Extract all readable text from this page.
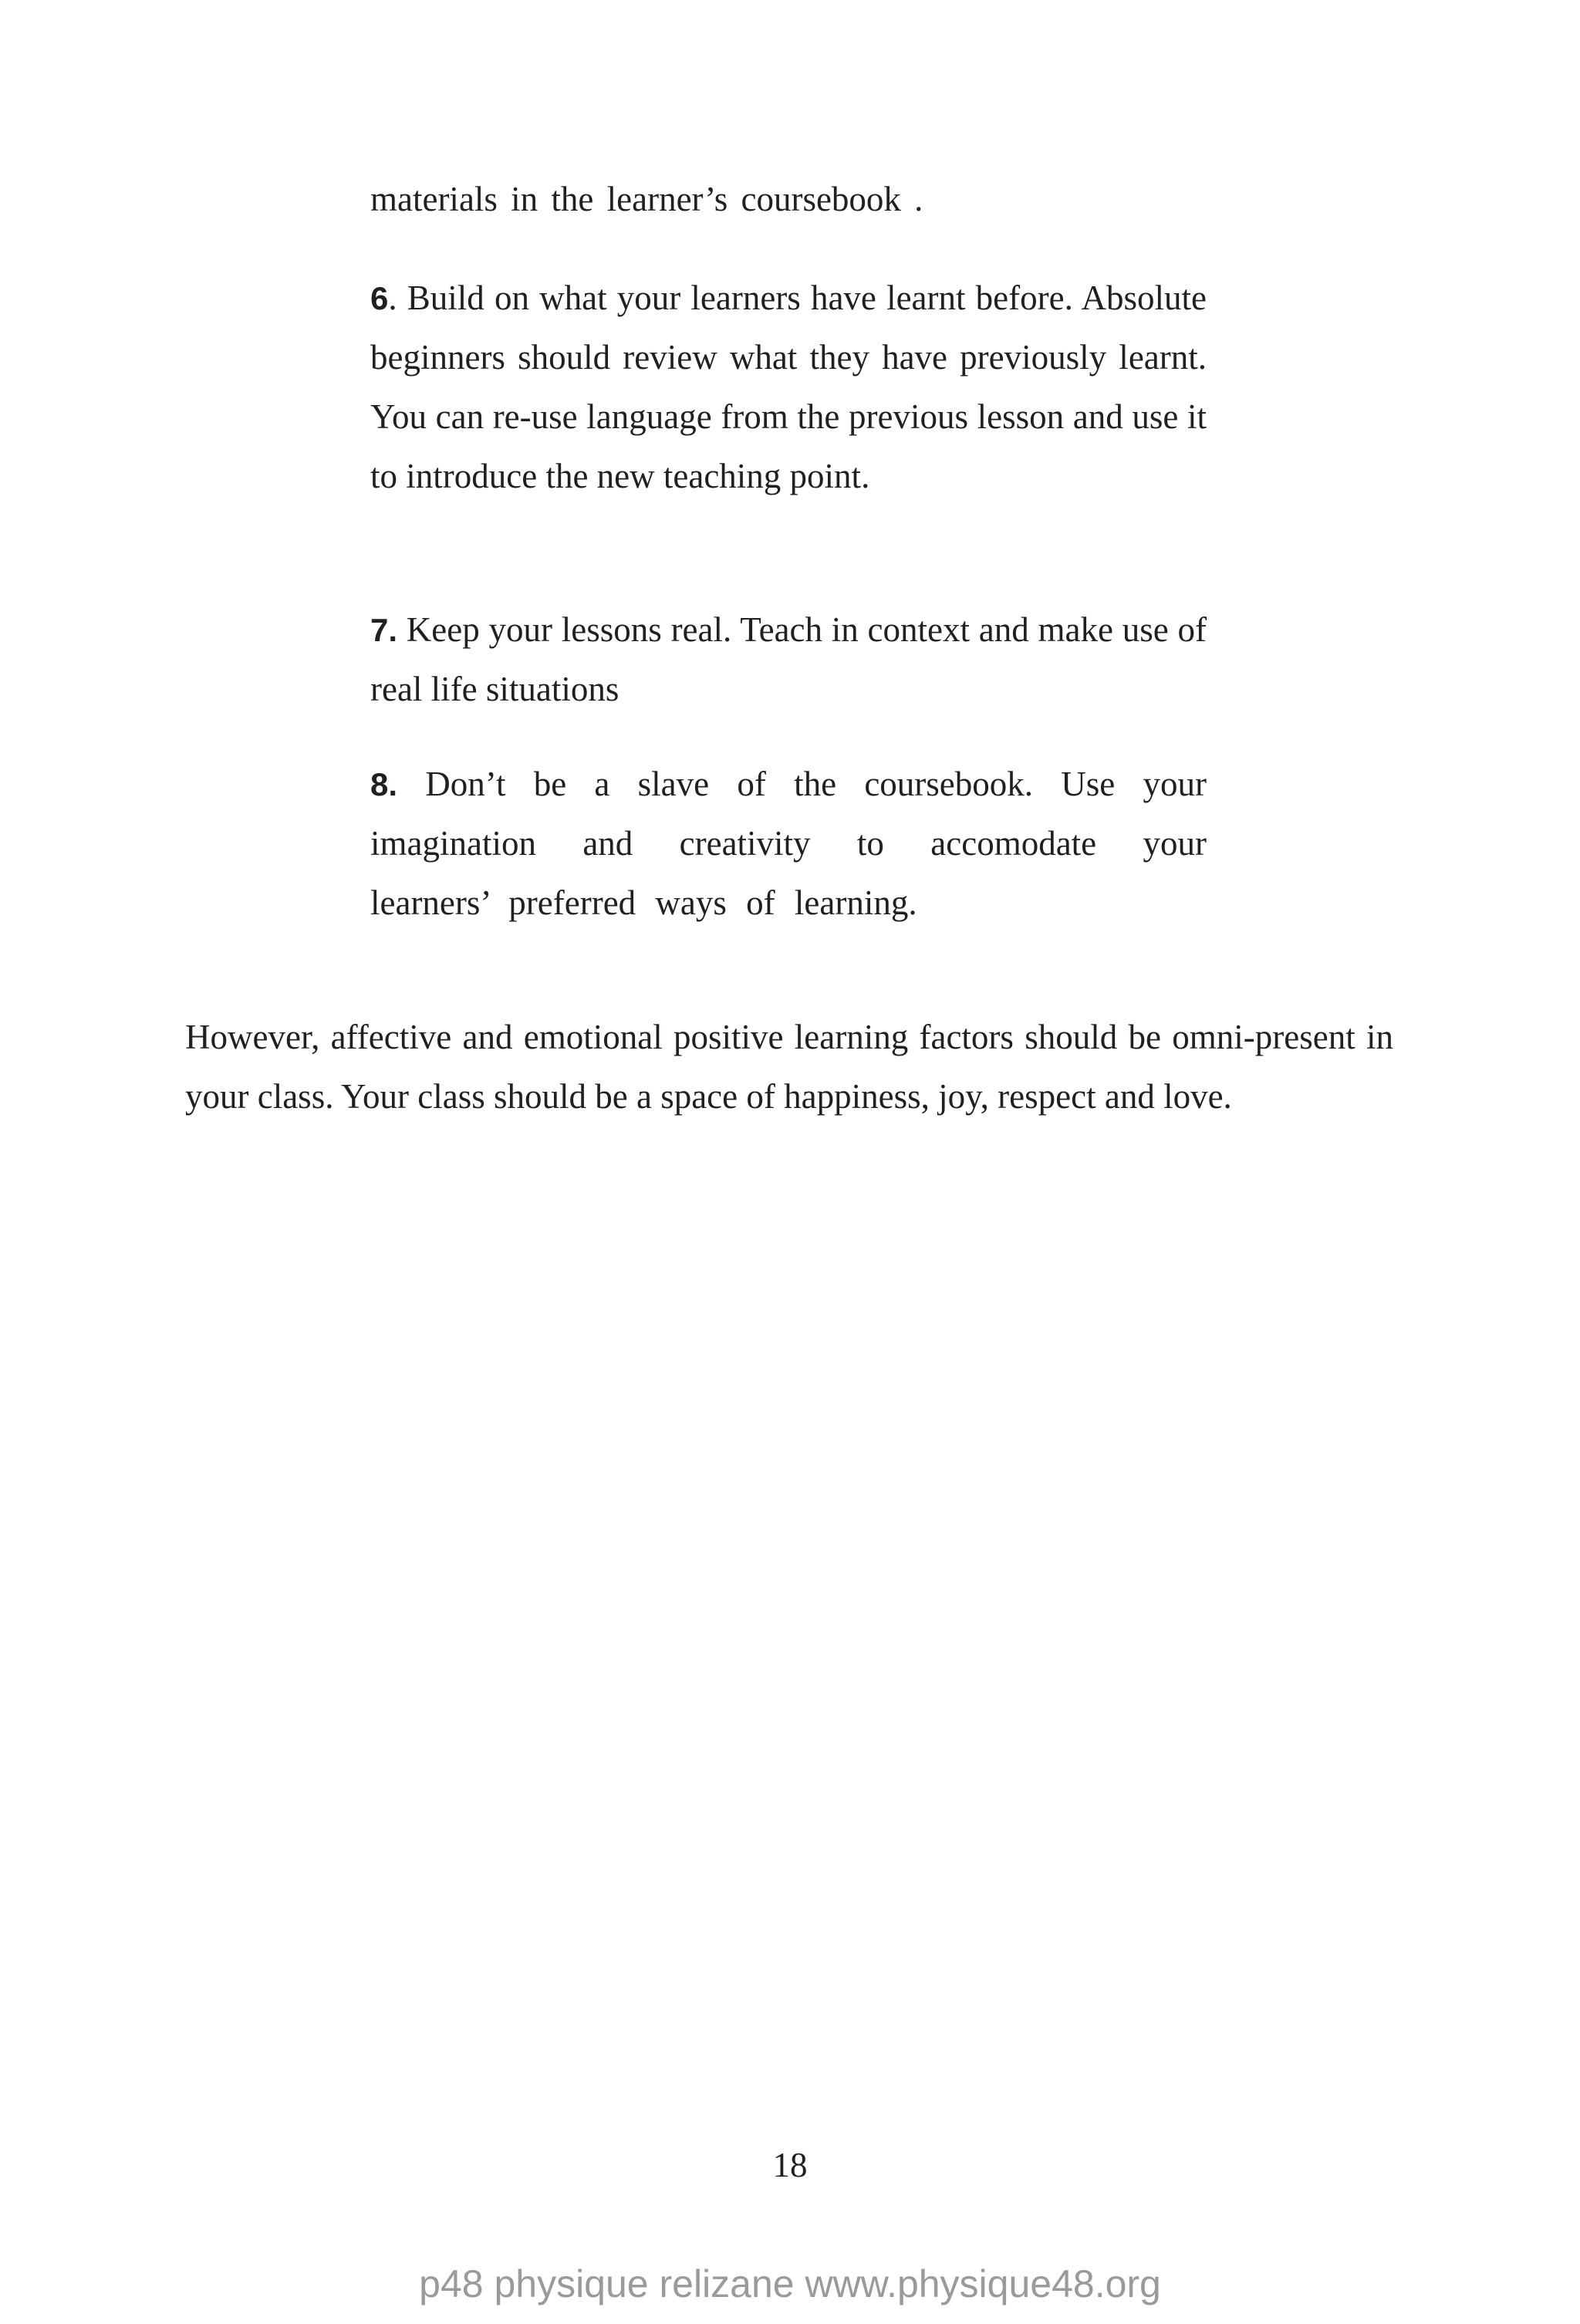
materials in the learner’s coursebook .

6. Build on what your learners have learnt before. Absolute beginners should review what they have previously learnt. You can re-use language from the previous lesson and use it to introduce the new teaching point.

7. Keep your lessons real. Teach in context and make use of real life situations

8. Don’t be a slave of the coursebook. Use your imagination and creativity to accomodate your learners’ preferred ways of learning.

However, affective and emotional positive learning factors should be omni-present in your class. Your class should be a space of happiness, joy, respect and love.

18

p48 physique relizane www.physique48.org
